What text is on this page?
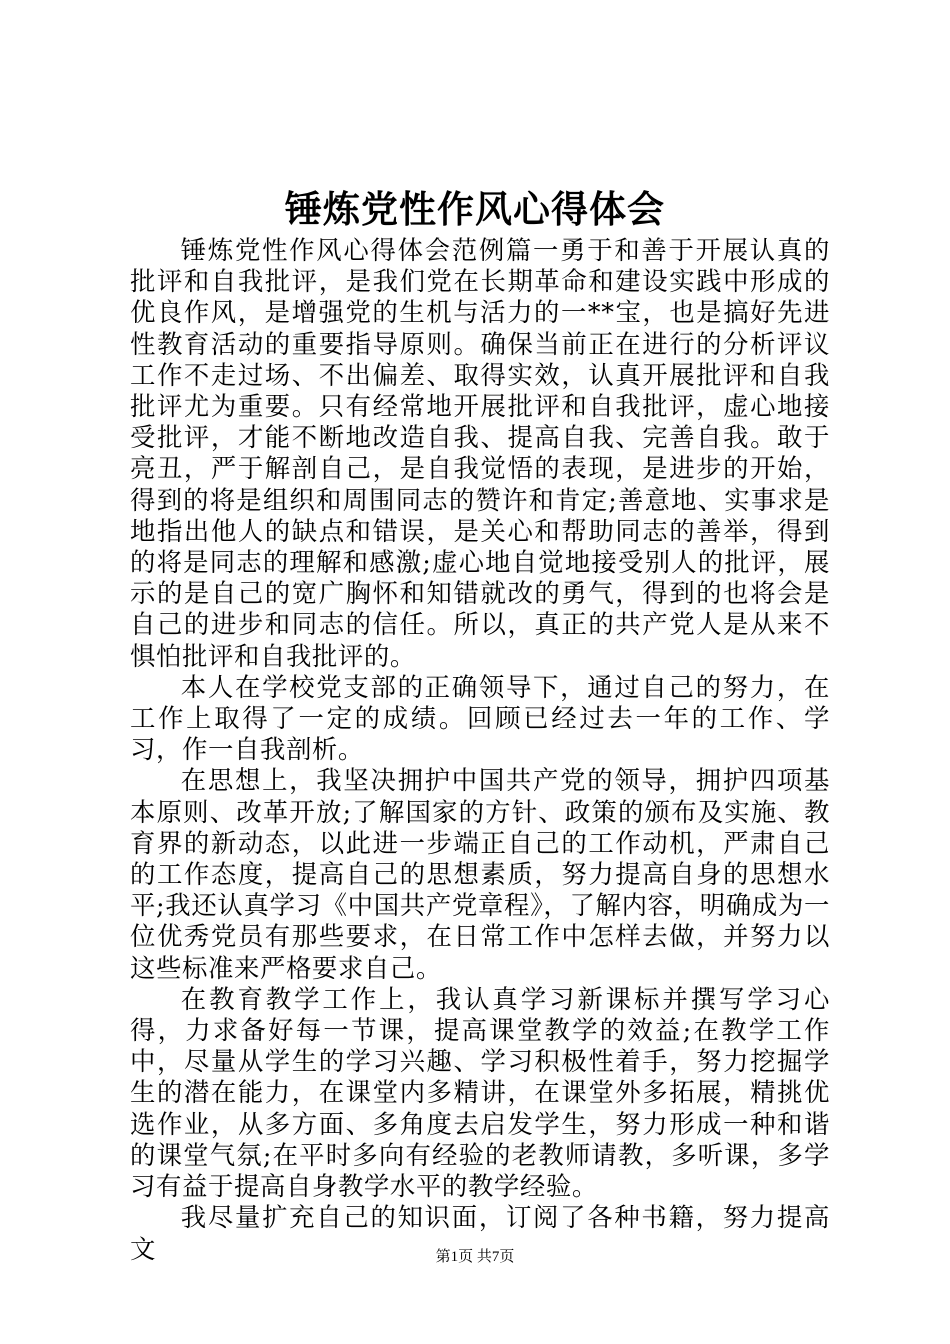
锤炼党性作风心得体会

锤炼党性作风心得体会范例篇一勇于和善于开展认真的批评和自我批评，是我们党在长期革命和建设实践中形成的优良作风，是增强党的生机与活力的一**宝，也是搞好先进性教育活动的重要指导原则。确保当前正在进行的分析评议工作不走过场、不出偏差、取得实效，认真开展批评和自我批评尤为重要。只有经常地开展批评和自我批评，虚心地接受批评，才能不断地改造自我、提高自我、完善自我。敢于亮丑，严于解剖自己，是自我觉悟的表现，是进步的开始，得到的将是组织和周围同志的赞许和肯定;善意地、实事求是地指出他人的缺点和错误，是关心和帮助同志的善举，得到的将是同志的理解和感激;虚心地自觉地接受别人的批评，展示的是自己的宽广胸怀和知错就改的勇气，得到的也将会是自己的进步和同志的信任。所以，真正的共产党人是从来不惧怕批评和自我批评的。

本人在学校党支部的正确领导下，通过自己的努力，在工作上取得了一定的成绩。回顾已经过去一年的工作、学习，作一自我剖析。

在思想上，我坚决拥护中国共产党的领导，拥护四项基本原则、改革开放;了解国家的方针、政策的颁布及实施、教育界的新动态，以此进一步端正自己的工作动机，严肃自己的工作态度，提高自己的思想素质，努力提高自身的思想水平;我还认真学习《中国共产党章程》，了解内容，明确成为一位优秀党员有那些要求，在日常工作中怎样去做，并努力以这些标准来严格要求自己。

在教育教学工作上，我认真学习新课标并撰写学习心得，力求备好每一节课，提高课堂教学的效益;在教学工作中，尽量从学生的学习兴趣、学习积极性着手，努力挖掘学生的潜在能力，在课堂内多精讲，在课堂外多拓展，精挑优选作业，从多方面、多角度去启发学生，努力形成一种和谐的课堂气氛;在平时多向有经验的老教师请教，多听课，多学习有益于提高自身教学水平的教学经验。

我尽量扩充自己的知识面，订阅了各种书籍，努力提高文	第1页 共7页
